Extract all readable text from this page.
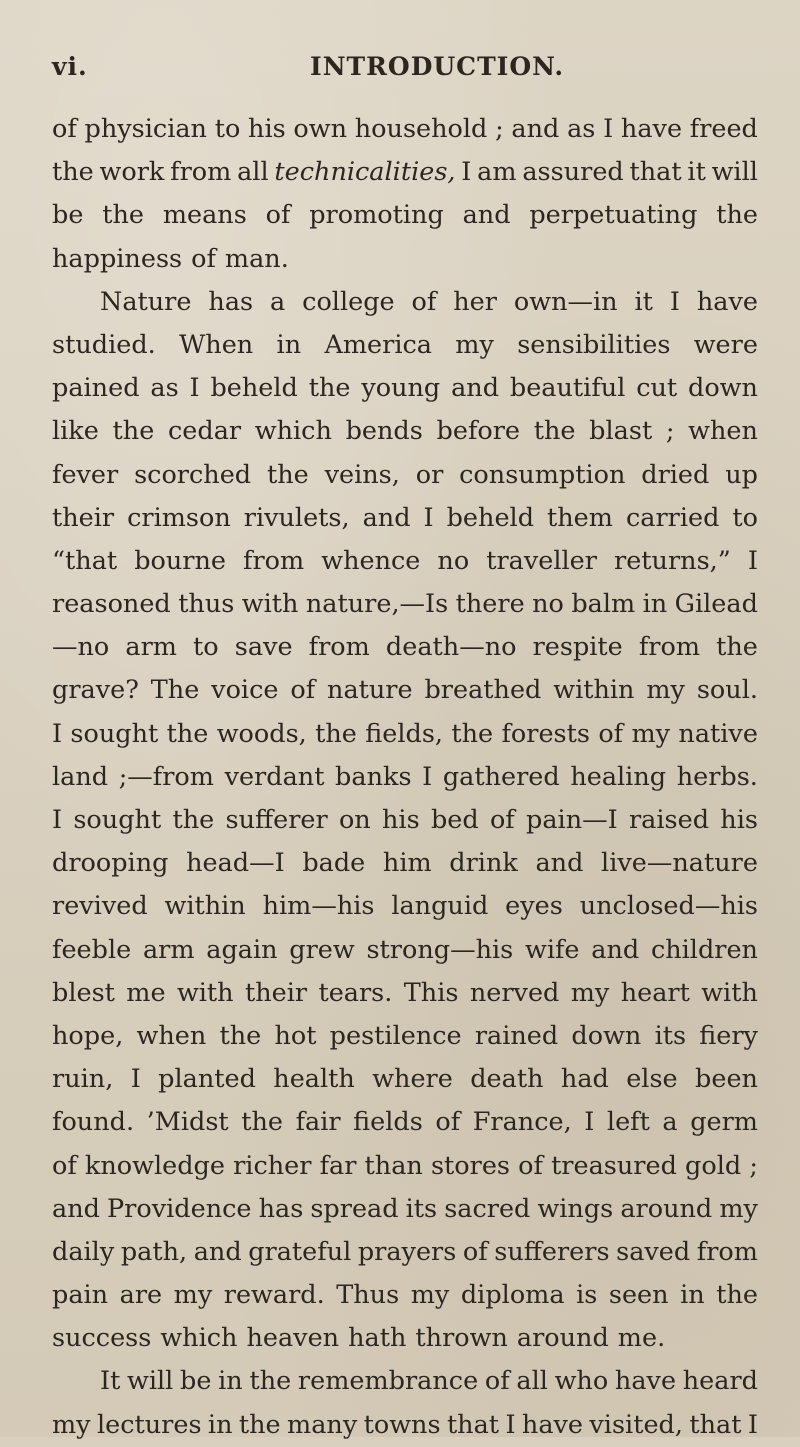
vi.	INTRODUCTION.
of physician to his own household ; and as I have freed
the work from all technicalities, I am assured that it will
be the means of promoting and perpetuating the
happiness of man.
Nature has a college of her own—in it I have
studied. When in America my sensibilities were
pained as I beheld the young and beautiful cut down
like the cedar which bends before the blast ; when
fever scorched the veins, or consumption dried up
their crimson rivulets, and I beheld them carried to
“that bourne from whence no traveller returns,” I
reasoned thus with nature,—Is there no balm in Gilead
—no arm to save from death—no respite from the
grave? The voice of nature breathed within my soul.
I sought the woods, the fields, the forests of my native
land ;—from verdant banks I gathered healing herbs.
I sought the sufferer on his bed of pain—I raised his
drooping head—I bade him drink and live—nature
revived within him—his languid eyes unclosed—his
feeble arm again grew strong—his wife and children
blest me with their tears. This nerved my heart with
hope, when the hot pestilence rained down its fiery
ruin, I planted health where death had else been
found. ’Midst the fair fields of France, I left a germ
of knowledge richer far than stores of treasured gold ;
and Providence has spread its sacred wings around my
daily path, and grateful prayers of sufferers saved from
pain are my reward. Thus my diploma is seen in the
success which heaven hath thrown around me.
It will be in the remembrance of all who have heard
my lectures in the many towns that I have visited, that I
